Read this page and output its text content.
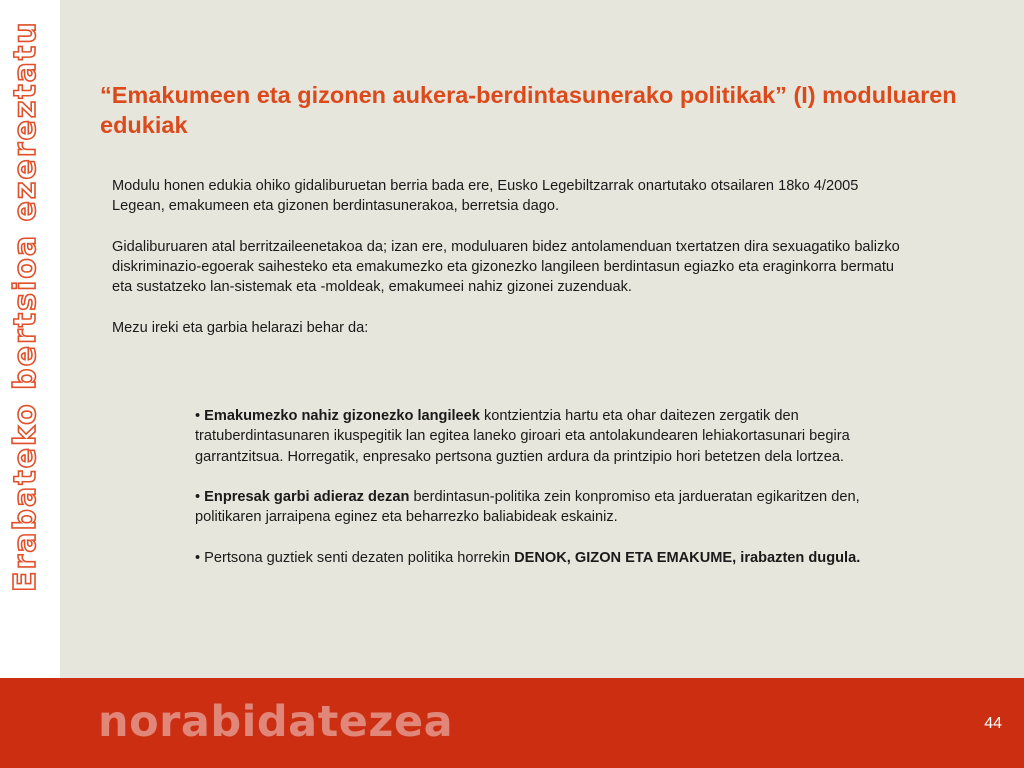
Erabateko bertsioa ezereztatu “Emakumeen eta gizonen aukera-berdintasunerako politikak” (I) moduluaren edukiak

Modulu honen edukia ohiko gidaliburuetan berria bada ere, Eusko Legebiltzarrak onartutako otsailaren 18ko 4/2005 Legean, emakumeen eta gizonen berdintasunerakoa, berretsia dago.

Gidaliburuaren atal berritzaileenetakoa da; izan ere, moduluaren bidez antolamenduan txertatzen dira sexuagatiko balizko diskriminazio-egoerak saihesteko eta emakumezko eta gizonezko langileen berdintasun egiazko eta eraginkorra bermatu eta sustatzeko lan-sistemak eta -moldeak, emakumeei nahiz gizonei zuzenduak.

Mezu ireki eta garbia helarazi behar da:

• Emakumezko nahiz gizonezko langileek kontzientzia hartu eta ohar daitezen zergatik den tratuberdintasunaren ikuspegitik lan egitea laneko giroari eta antolakundearen lehiakortasunari begira garrantzitsua. Horregatik, enpresako pertsona guztien ardura da printzipio hori betetzen dela lortzea.

• Enpresak garbi adieraz dezan berdintasun-politika zein konpromiso eta jardueratan egikaritzen den, politikaren jarraipena eginez eta beharrezko baliabideak eskainiz.

• Pertsona guztiek senti dezaten politika horrekin DENOK, GIZON ETA EMAKUME, irabazten dugula.

norabidatezea	44
